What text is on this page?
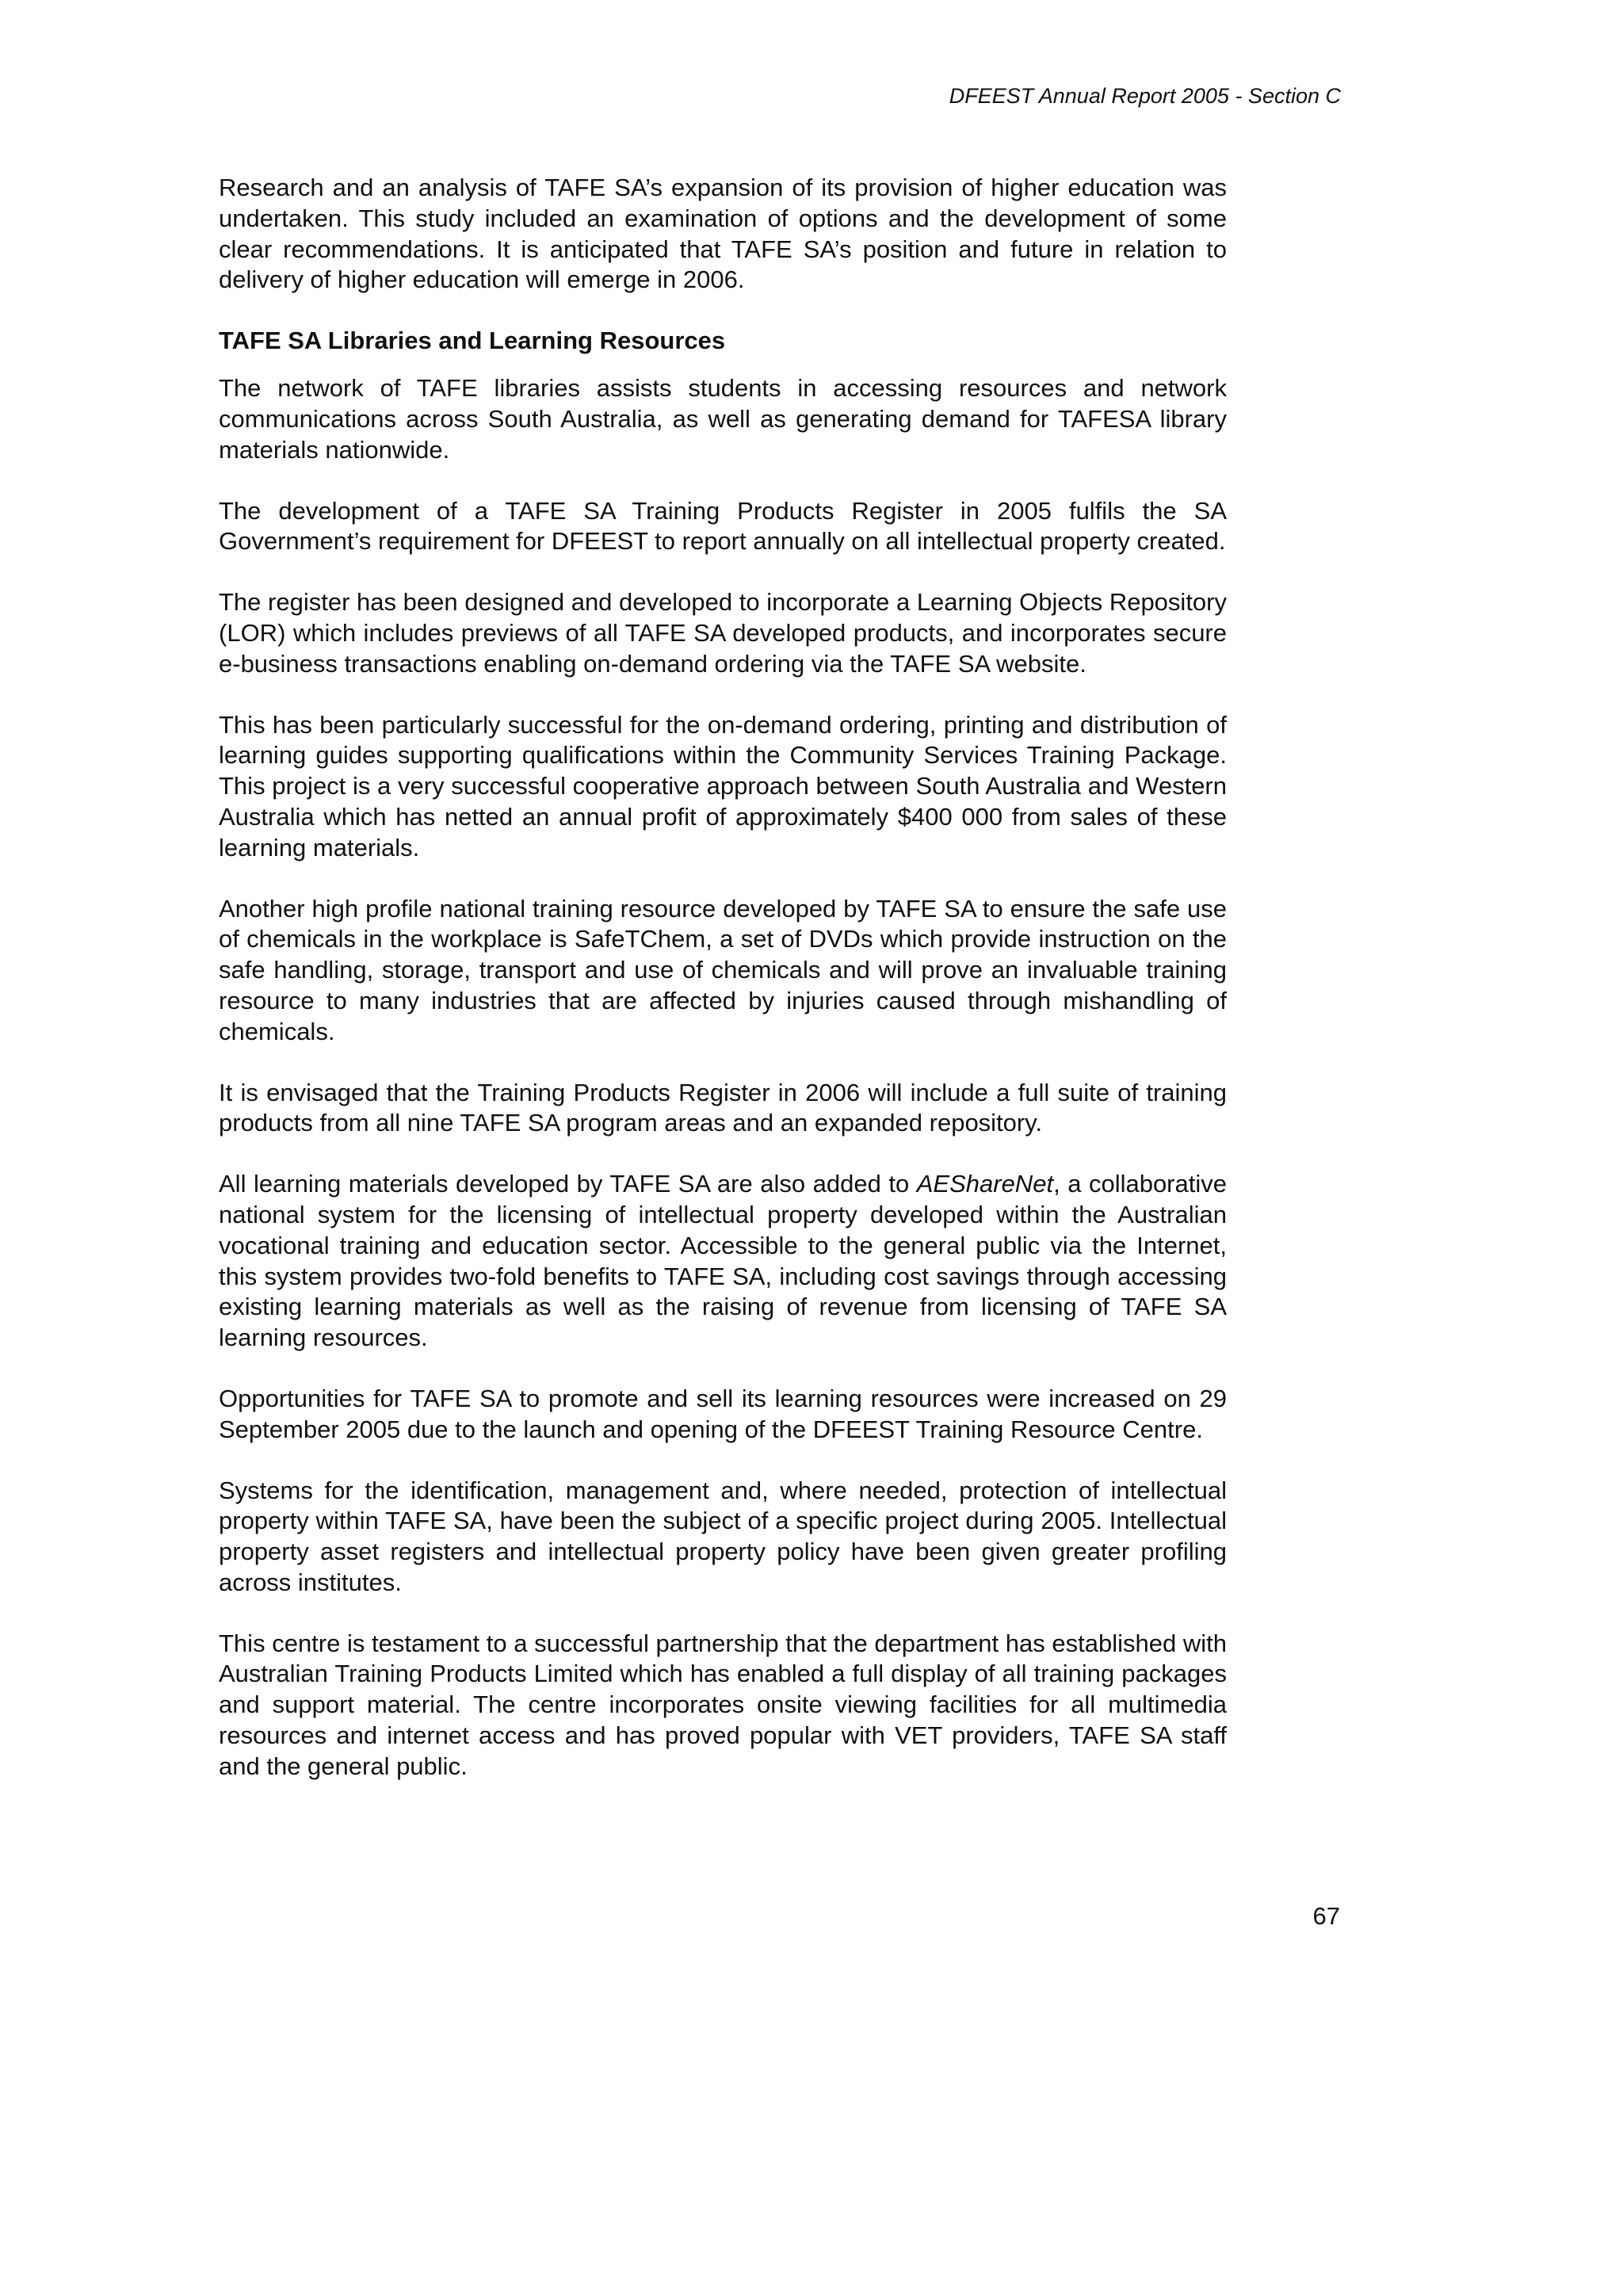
DFEEST Annual Report 2005 - Section C

Research and an analysis of TAFE SA’s expansion of its provision of higher education was undertaken. This study included an examination of options and the development of some clear recommendations. It is anticipated that TAFE SA’s position and future in relation to delivery of higher education will emerge in 2006.

TAFE SA Libraries and Learning Resources

The network of TAFE libraries assists students in accessing resources and network communications across South Australia, as well as generating demand for TAFESA library materials nationwide.

The development of a TAFE SA Training Products Register in 2005 fulfils the SA Government’s requirement for DFEEST to report annually on all intellectual property created.

The register has been designed and developed to incorporate a Learning Objects Repository (LOR) which includes previews of all TAFE SA developed products, and incorporates secure e-business transactions enabling on-demand ordering via the TAFE SA website.

This has been particularly successful for the on-demand ordering, printing and distribution of learning guides supporting qualifications within the Community Services Training Package. This project is a very successful cooperative approach between South Australia and Western Australia which has netted an annual profit of approximately $400 000 from sales of these learning materials.

Another high profile national training resource developed by TAFE SA to ensure the safe use of chemicals in the workplace is SafeTChem, a set of DVDs which provide instruction on the safe handling, storage, transport and use of chemicals and will prove an invaluable training resource to many industries that are affected by injuries caused through mishandling of chemicals.

It is envisaged that the Training Products Register in 2006 will include a full suite of training products from all nine TAFE SA program areas and an expanded repository.

All learning materials developed by TAFE SA are also added to AEShareNet, a collaborative national system for the licensing of intellectual property developed within the Australian vocational training and education sector. Accessible to the general public via the Internet, this system provides two-fold benefits to TAFE SA, including cost savings through accessing existing learning materials as well as the raising of revenue from licensing of TAFE SA learning resources.

Opportunities for TAFE SA to promote and sell its learning resources were increased on 29 September 2005 due to the launch and opening of the DFEEST Training Resource Centre.

Systems for the identification, management and, where needed, protection of intellectual property within TAFE SA, have been the subject of a specific project during 2005. Intellectual property asset registers and intellectual property policy have been given greater profiling across institutes.

This centre is testament to a successful partnership that the department has established with Australian Training Products Limited which has enabled a full display of all training packages and support material. The centre incorporates onsite viewing facilities for all multimedia resources and internet access and has proved popular with VET providers, TAFE SA staff and the general public.

67
